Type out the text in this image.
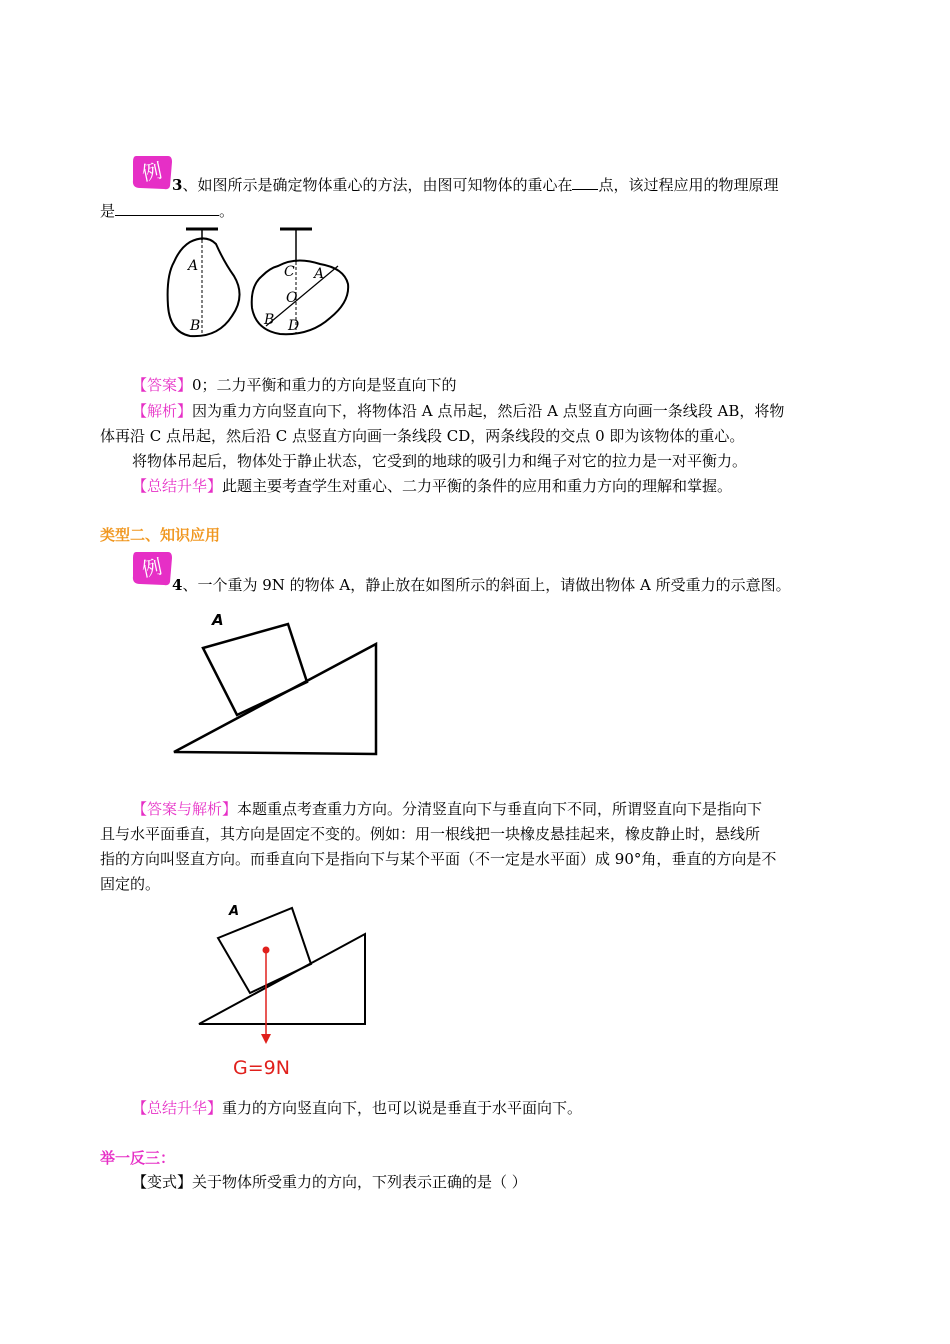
例 3、如图所示是确定物体重心的方法，由图可知物体的重心在 点，该过程应用的物理原理
是	。
A
B
C A
O
B D
【答案】0；二力平衡和重力的方向是竖直向下的
【解析】因为重力方向竖直向下，将物体沿 A 点吊起，然后沿 A 点竖直方向画一条线段 AB，将物
体再沿 C 点吊起，然后沿 C 点竖直方向画一条线段 CD，两条线段的交点 0 即为该物体的重心。
将物体吊起后，物体处于静止状态，它受到的地球的吸引力和绳子对它的拉力是一对平衡力。
【总结升华】此题主要考查学生对重心、二力平衡的条件的应用和重力方向的理解和掌握。
类型二、知识应用
例
4、一个重为 9N 的物体 A，静止放在如图所示的斜面上，请做出物体 A 所受重力的示意图。
A
【答案与解析】本题重点考查重力方向。分清竖直向下与垂直向下不同，所谓竖直向下是指向下
且与水平面垂直，其方向是固定不变的。例如：用一根线把一块橡皮悬挂起来，橡皮静止时，悬线所
指的方向叫竖直方向。而垂直向下是指向下与某个平面（不一定是水平面）成 90°角，垂直的方向是不
固定的。
A
G=9N
【总结升华】重力的方向竖直向下，也可以说是垂直于水平面向下。
举一反三：
【变式】关于物体所受重力的方向，下列表示正确的是（ ）
